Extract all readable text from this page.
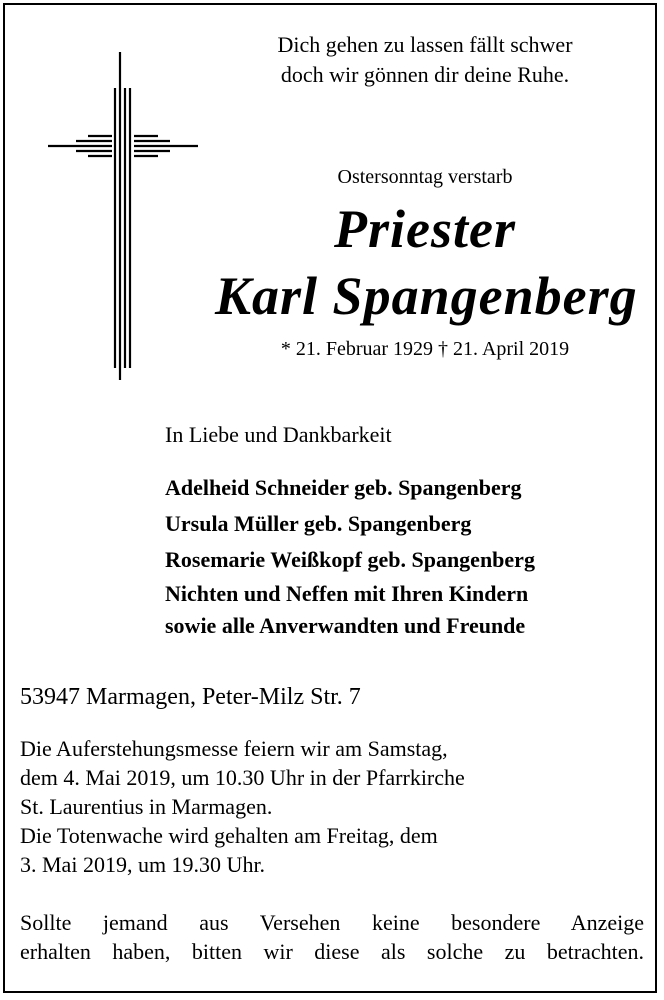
Dich gehen zu lassen fällt schwer
doch wir gönnen dir deine Ruhe.
Ostersonntag verstarb
Priester
Karl Spangenberg
* 21. Februar 1929 † 21. April 2019
In Liebe und Dankbarkeit
Adelheid Schneider geb. Spangenberg
Ursula Müller geb. Spangenberg
Rosemarie Weißkopf geb. Spangenberg
Nichten und Neffen mit Ihren Kindern
sowie alle Anverwandten und Freunde
53947 Marmagen, Peter-Milz Str. 7
Die Auferstehungsmesse feiern wir am Samstag,
dem 4. Mai 2019, um 10.30 Uhr in der Pfarrkirche
St. Laurentius in Marmagen.
Die Totenwache wird gehalten am Freitag, dem
3. Mai 2019, um 19.30 Uhr.
Sollte jemand aus Versehen keine besondere Anzeige
erhalten haben, bitten wir diese als solche zu betrachten.
